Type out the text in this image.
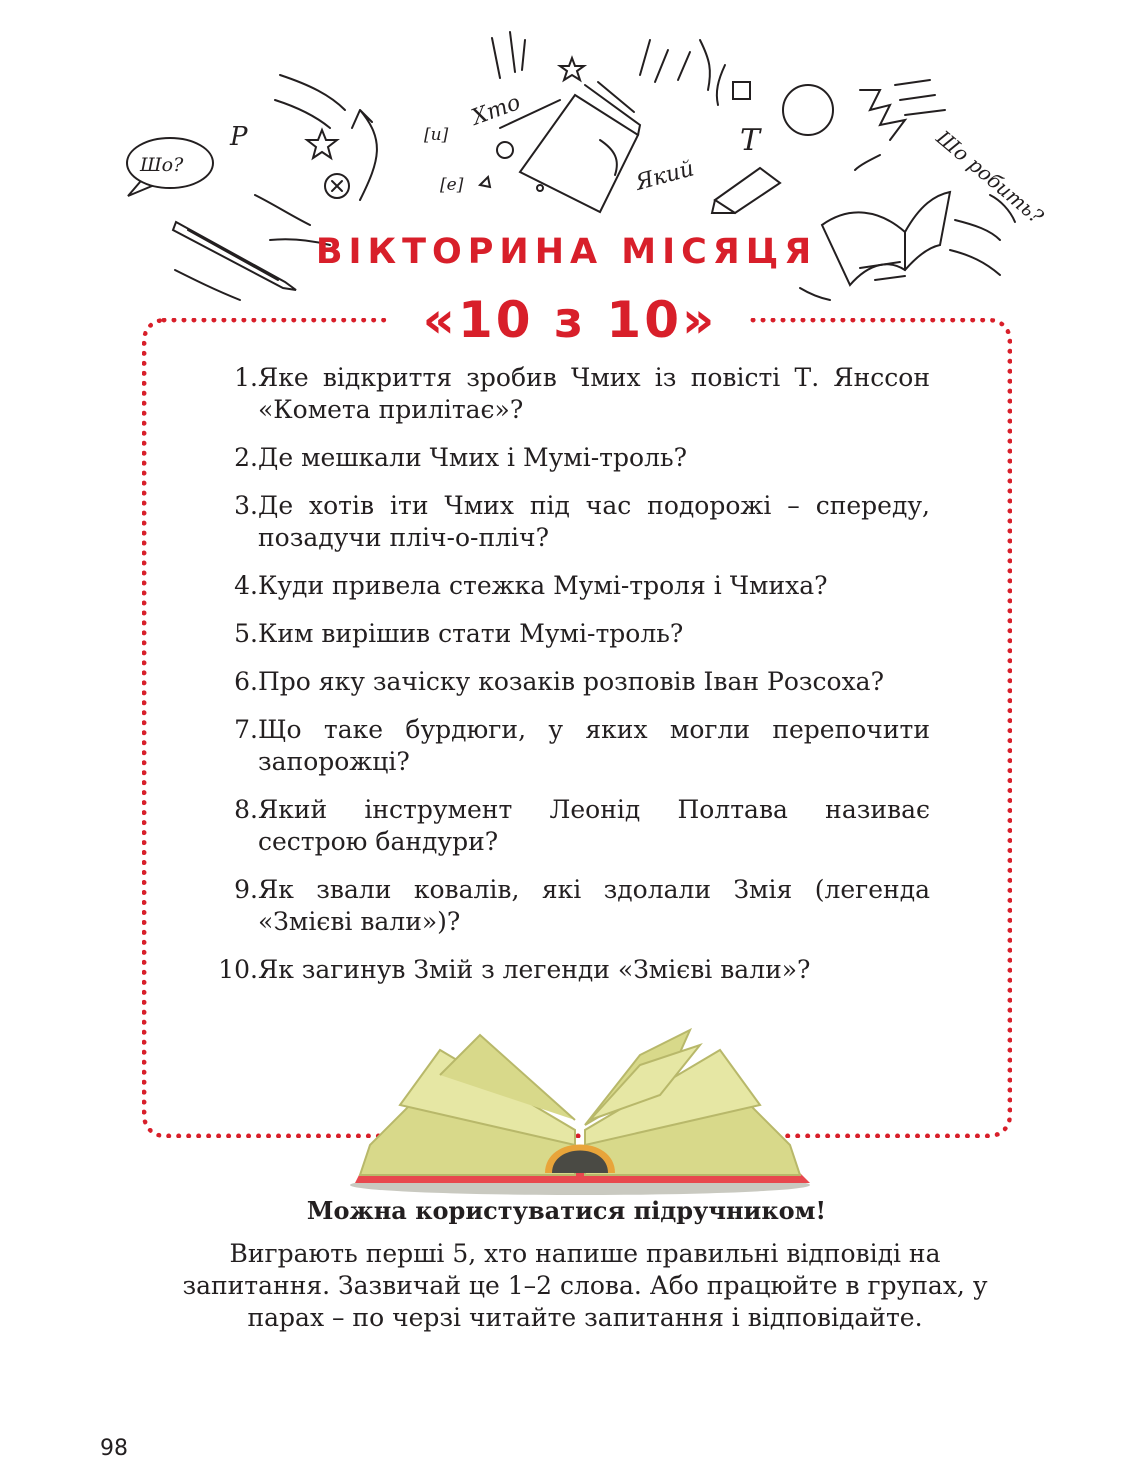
Шо?
P	[u]
[e]
Хто
Який
T	Шо робить?
ВІКТОРИНА МІСЯЦЯ
«10 з 10»
1. Яке відкриття зробив Чмих із повісті Т. Янссон «Комета прилітає»?
2. Де мешкали Чмих і Мумі-троль?
3. Де хотів іти Чмих під час подорожі – спереду, позадучи пліч-о-пліч?
4. Куди привела стежка Мумі-троля і Чмиха?
5. Ким вирішив стати Мумі-троль?
6. Про яку зачіску козаків розповів Іван Розсоха?
7. Що таке бурдюги, у яких могли перепочити запорожці?
8. Який інструмент Леонід Полтава називає сестрою бандури?
9. Як звали ковалів, які здолали Змія (легенда «Змієві вали»)?
10. Як загинув Змій з легенди «Змієві вали»?

Можна користуватися підручником!

Виграють перші 5, хто напише правильні відповіді на запитання. Зазвичай це 1–2 слова. Або працюйте в групах, у парах – по черзі читайте запитання і відповідайте.

98
